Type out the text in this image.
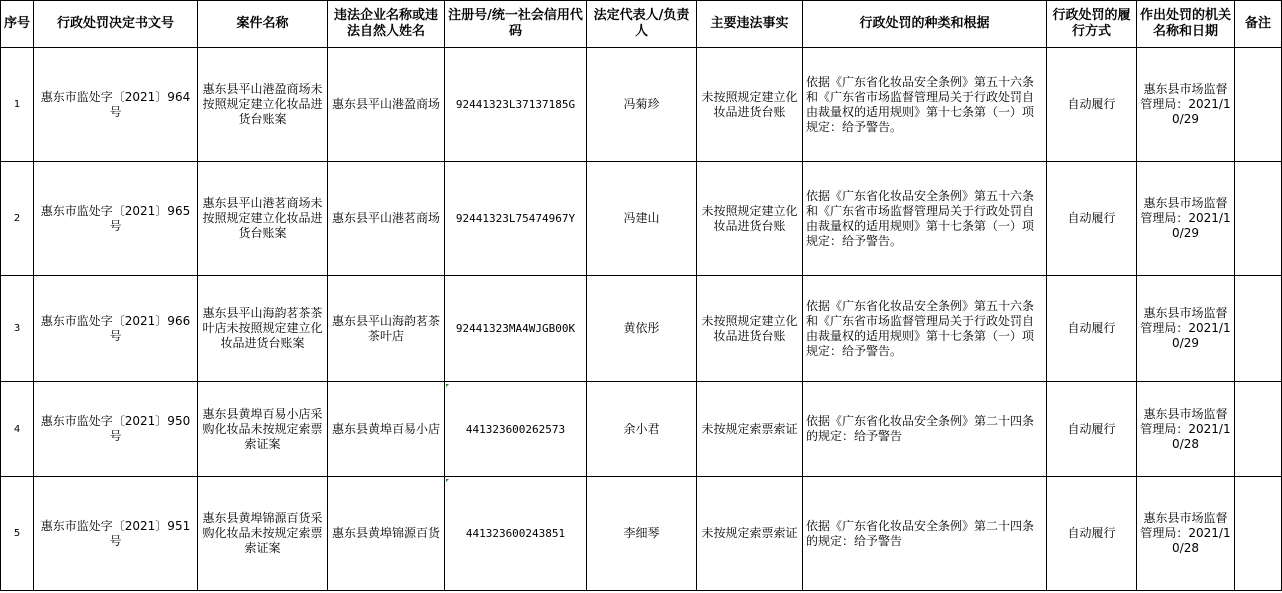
序号	行政处罚决定书文号	案件名称	违法企业名称或违法自然人姓名	注册号/统一社会信用代码	法定代表人/负责人	主要违法事实	行政处罚的种类和根据	行政处罚的履行方式	作出处罚的机关名称和日期	备注
1	惠东市监处字〔2021〕964号	惠东县平山港盈商场未按照规定建立化妆品进货台账案	惠东县平山港盈商场	92441323L37137185G	冯菊珍	未按照规定建立化妆品进货台账	依据《广东省化妆品安全条例》第五十六条和《广东省市场监督管理局关于行政处罚自由裁量权的适用规则》第十七条第（一）项规定：给予警告。	自动履行	惠东县市场监督管理局：2021/10/29	
2	惠东市监处字〔2021〕965号	惠东县平山港茗商场未按照规定建立化妆品进货台账案	惠东县平山港茗商场	92441323L75474967Y	冯建山	未按照规定建立化妆品进货台账	依据《广东省化妆品安全条例》第五十六条和《广东省市场监督管理局关于行政处罚自由裁量权的适用规则》第十七条第（一）项规定：给予警告。	自动履行	惠东县市场监督管理局：2021/10/29	
3	惠东市监处字〔2021〕966号	惠东县平山海韵茗茶茶叶店未按照规定建立化妆品进货台账案	惠东县平山海韵茗茶茶叶店	92441323MA4WJGB00K	黄依彤	未按照规定建立化妆品进货台账	依据《广东省化妆品安全条例》第五十六条和《广东省市场监督管理局关于行政处罚自由裁量权的适用规则》第十七条第（一）项规定：给予警告。	自动履行	惠东县市场监督管理局：2021/10/29	
4	惠东市监处字〔2021〕950号	惠东县黄埠百易小店采购化妆品未按规定索票索证案	惠东县黄埠百易小店	441323600262573	余小君	未按规定索票索证	依据《广东省化妆品安全条例》第二十四条的规定：给予警告	自动履行	惠东县市场监督管理局：2021/10/28	
5	惠东市监处字〔2021〕951号	惠东县黄埠锦源百货采购化妆品未按规定索票索证案	惠东县黄埠锦源百货	441323600243851	李细琴	未按规定索票索证	依据《广东省化妆品安全条例》第二十四条的规定：给予警告	自动履行	惠东县市场监督管理局：2021/10/28	
